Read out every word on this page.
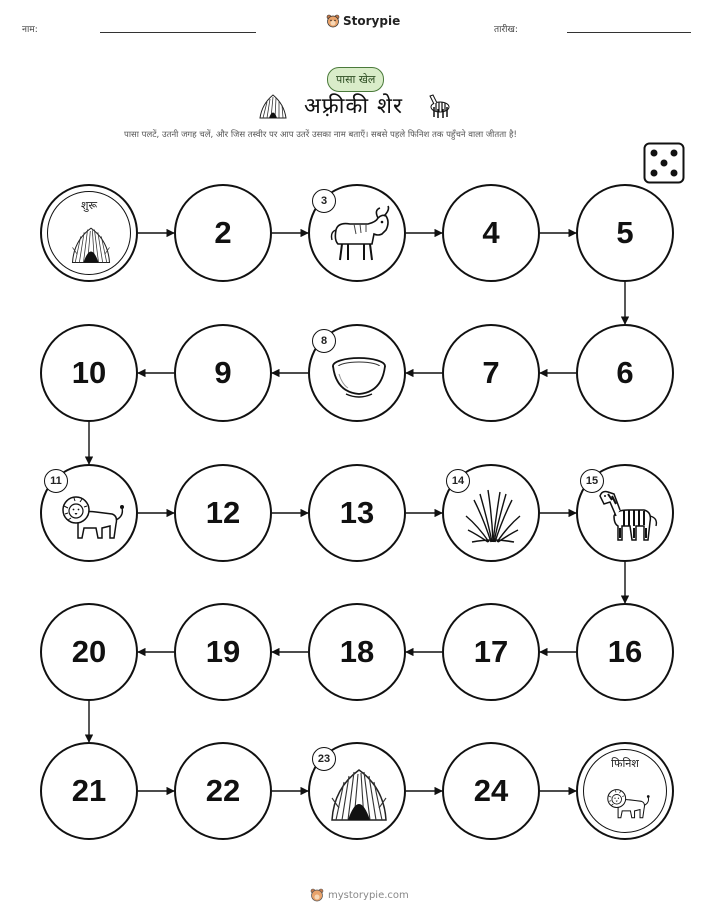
नाम:
Storypie
तारीख:
पासा खेल
अफ़्रीकी शेर
पासा पलटें, उतनी जगह चलें, और जिस तस्वीर पर आप उतरें उसका नाम बताएँ। सबसे पहले फिनिश तक पहुँचने वाला जीतता है!
शुरू
2
3
4	5
6
7
8
9
10
11
12	13
14	15
16
17
18
19
20
21	22
23
24
फिनिश
mystorypie.com
